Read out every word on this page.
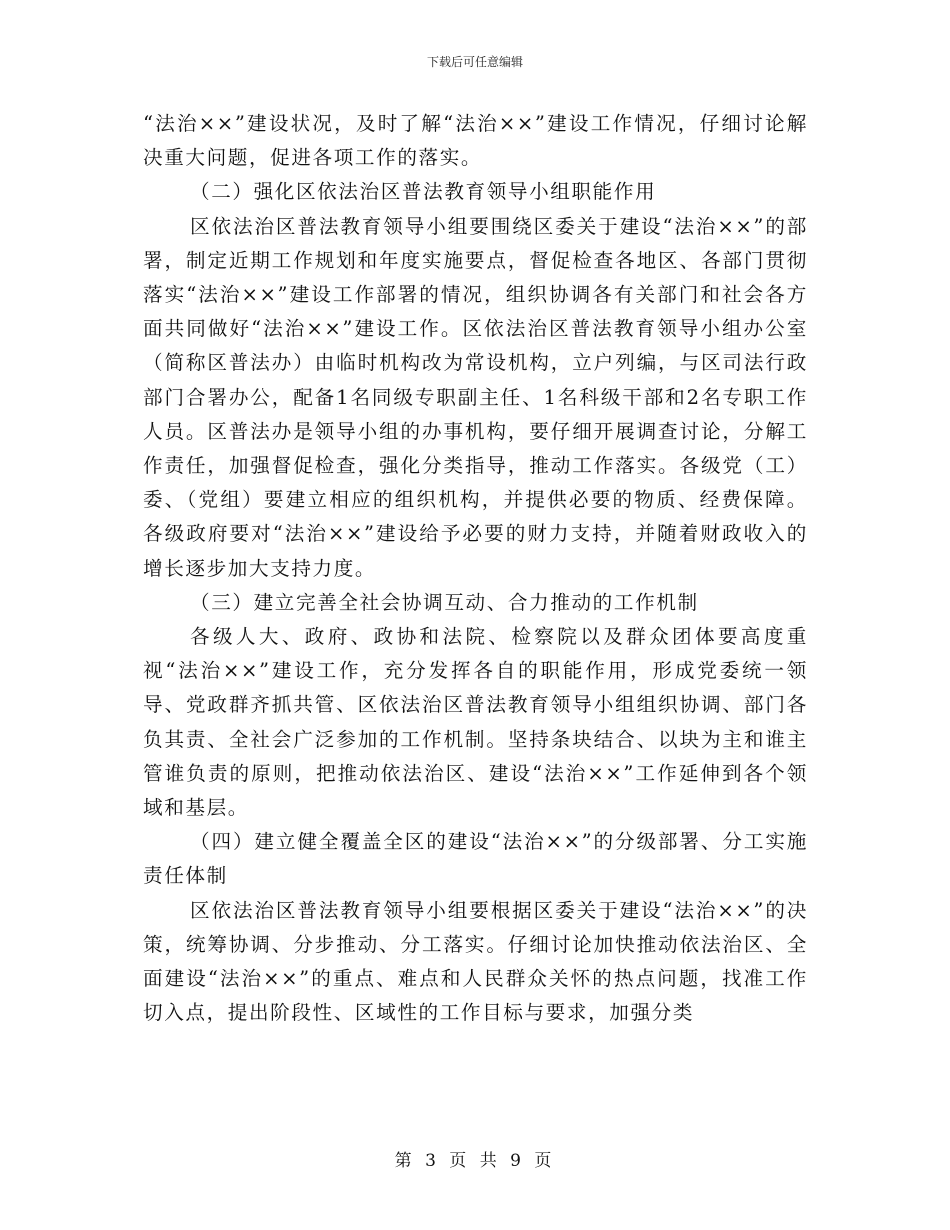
下载后可任意编辑

“法治××”建设状况，及时了解“法治××”建设工作情况，仔细讨论解决重大问题，促进各项工作的落实。

（二）强化区依法治区普法教育领导小组职能作用

区依法治区普法教育领导小组要围绕区委关于建设“法治××”的部署，制定近期工作规划和年度实施要点，督促检查各地区、各部门贯彻落实“法治××”建设工作部署的情况，组织协调各有关部门和社会各方面共同做好“法治××”建设工作。区依法治区普法教育领导小组办公室（简称区普法办）由临时机构改为常设机构，立户列编，与区司法行政部门合署办公，配备1名同级专职副主任、1名科级干部和2名专职工作人员。区普法办是领导小组的办事机构，要仔细开展调查讨论，分解工作责任，加强督促检查，强化分类指导，推动工作落实。各级党（工）委、（党组）要建立相应的组织机构，并提供必要的物质、经费保障。各级政府要对“法治××”建设给予必要的财力支持，并随着财政收入的增长逐步加大支持力度。

（三）建立完善全社会协调互动、合力推动的工作机制

各级人大、政府、政协和法院、检察院以及群众团体要高度重视“法治××”建设工作，充分发挥各自的职能作用，形成党委统一领导、党政群齐抓共管、区依法治区普法教育领导小组组织协调、部门各负其责、全社会广泛参加的工作机制。坚持条块结合、以块为主和谁主管谁负责的原则，把推动依法治区、建设“法治××”工作延伸到各个领域和基层。

（四）建立健全覆盖全区的建设“法治××”的分级部署、分工实施责任体制

区依法治区普法教育领导小组要根据区委关于建设“法治××”的决策，统筹协调、分步推动、分工落实。仔细讨论加快推动依法治区、全面建设“法治××”的重点、难点和人民群众关怀的热点问题，找准工作切入点，提出阶段性、区域性的工作目标与要求，加强分类

第 3 页 共 9 页
